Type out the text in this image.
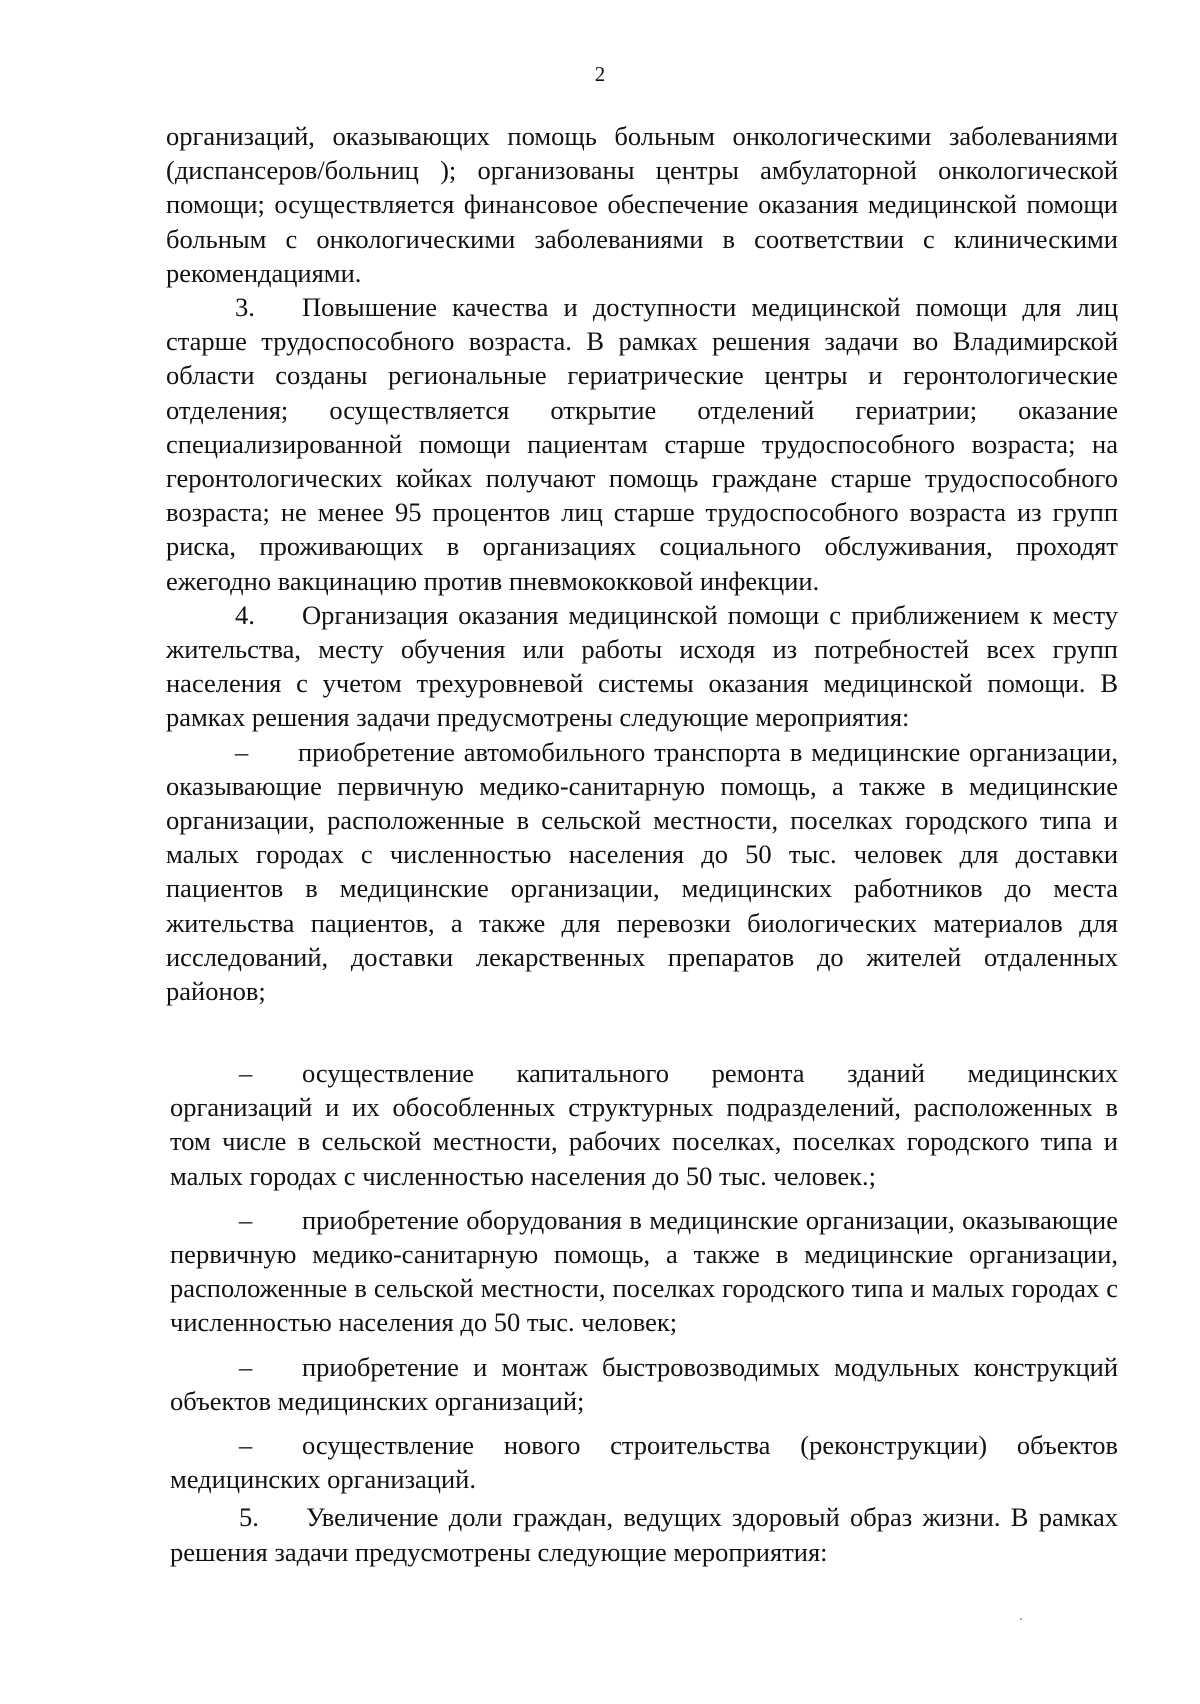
2

организаций, оказывающих помощь больным онкологическими заболеваниями (диспансеров/больниц ); организованы центры амбулаторной онкологической помощи; осуществляется финансовое обеспечение оказания медицинской помощи больным с онкологическими заболеваниями в соответствии с клиническими рекомендациями.

3. Повышение качества и доступности медицинской помощи для лиц старше трудоспособного возраста. В рамках решения задачи во Владимирской области созданы региональные гериатрические центры и геронтологические отделения; осуществляется открытие отделений гериатрии; оказание специализированной помощи пациентам старше трудоспособного возраста; на геронтологических койках получают помощь граждане старше трудоспособного возраста; не менее 95 процентов лиц старше трудоспособного возраста из групп риска, проживающих в организациях социального обслуживания, проходят ежегодно вакцинацию против пневмококковой инфекции.

4. Организация оказания медицинской помощи с приближением к месту жительства, месту обучения или работы исходя из потребностей всех групп населения с учетом трехуровневой системы оказания медицинской помощи. В рамках решения задачи предусмотрены следующие мероприятия:

– приобретение автомобильного транспорта в медицинские организации, оказывающие первичную медико-санитарную помощь, а также в медицинские организации, расположенные в сельской местности, поселках городского типа и малых городах с численностью населения до 50 тыс. человек для доставки пациентов в медицинские организации, медицинских работников до места жительства пациентов, а также для перевозки биологических материалов для исследований, доставки лекарственных препаратов до жителей отдаленных районов;

– осуществление капитального ремонта зданий медицинских организаций и их обособленных структурных подразделений, расположенных в том числе в сельской местности, рабочих поселках, поселках городского типа и малых городах с численностью населения до 50 тыс. человек.;

– приобретение оборудования в медицинские организации, оказывающие первичную медико-санитарную помощь, а также в медицинские организации, расположенные в сельской местности, поселках городского типа и малых городах с численностью населения до 50 тыс. человек;

– приобретение и монтаж быстровозводимых модульных конструкций объектов медицинских организаций;

– осуществление нового строительства (реконструкции) объектов медицинских организаций.

5. Увеличение доли граждан, ведущих здоровый образ жизни. В рамках решения задачи предусмотрены следующие мероприятия:
